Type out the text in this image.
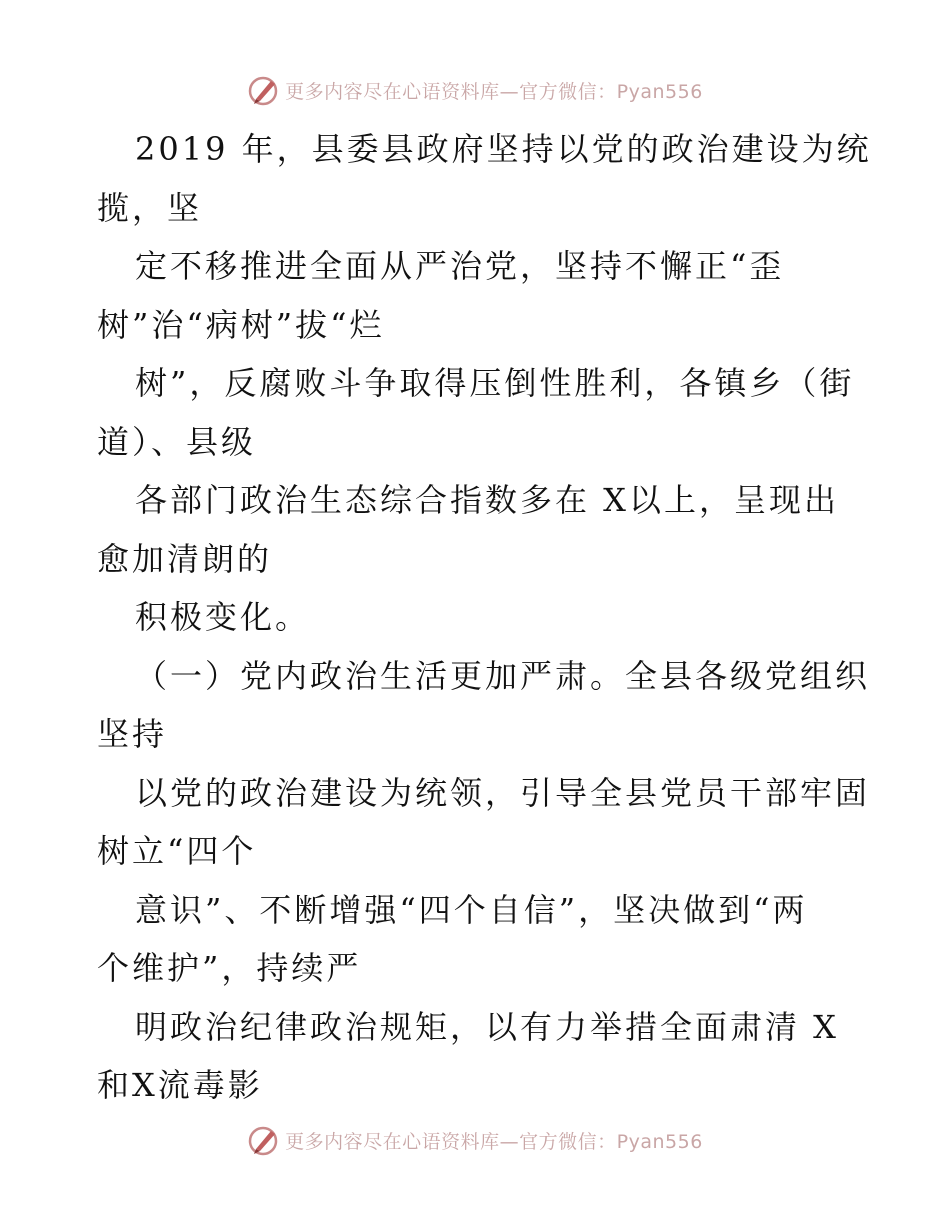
更多内容尽在心语资料库—官方微信：Pyan556
2019 年，县委县政府坚持以党的政治建设为统
揽，坚
定不移推进全面从严治党，坚持不懈正“歪
树”治“病树”拔“烂
树”，反腐败斗争取得压倒性胜利，各镇乡（街
道）、县级
各部门政治生态综合指数多在 X以上，呈现出
愈加清朗的
积极变化。
（一）党内政治生活更加严肃。全县各级党组织
坚持
以党的政治建设为统领，引导全县党员干部牢固
树立“四个
意识”、不断增强“四个自信”，坚决做到“两
个维护”，持续严
明政治纪律政治规矩，以有力举措全面肃清 X
和X流毒影
更多内容尽在心语资料库—官方微信：Pyan556
